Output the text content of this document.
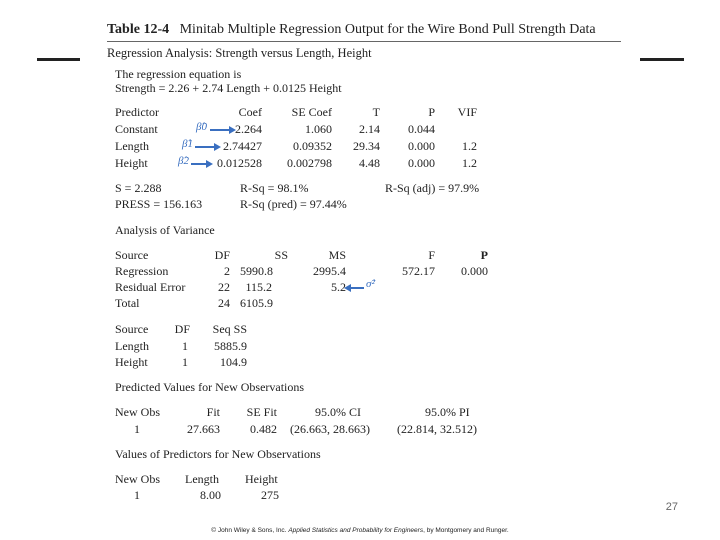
Table 12-4 Minitab Multiple Regression Output for the Wire Bond Pull Strength Data
Regression Analysis: Strength versus Length, Height
The regression equation is
Strength = 2.26 + 2.74 Length + 0.0125 Height
Predictor	Coef	SE Coef	T	P VIF
Constant	β̂0	2.264	1.060	2.14	0.044
Length	β̂1	2.74427	0.09352	29.34	0.000	1.2
Height	β̂2	0.012528	0.002798	4.48	0.000	1.2
S = 2.288	R-Sq = 98.1%	R-Sq (adj) = 97.9%
PRESS = 156.163	R-Sq (pred) = 97.44%
Analysis of Variance
Source	DF	SS	MS	F	P
Regression	2 5990.8	2995.4	572.17	0.000
Residual Error	22	115.2	5.2 σ̂²
Total	24 6105.9
Source	DF	Seq SS
Length	1	5885.9
Height	1	104.9
Predicted Values for New Observations
New Obs	Fit	SE Fit	95.0% CI	95.0% PI
1	27.663	0.482 (26.663, 28.663) (22.814, 32.512)
Values of Predictors for New Observations
New Obs Length Height
1	8.00	275
27
© John Wiley & Sons, Inc. Applied Statistics and Probability for Engineers, by Montgomery and Runger.
